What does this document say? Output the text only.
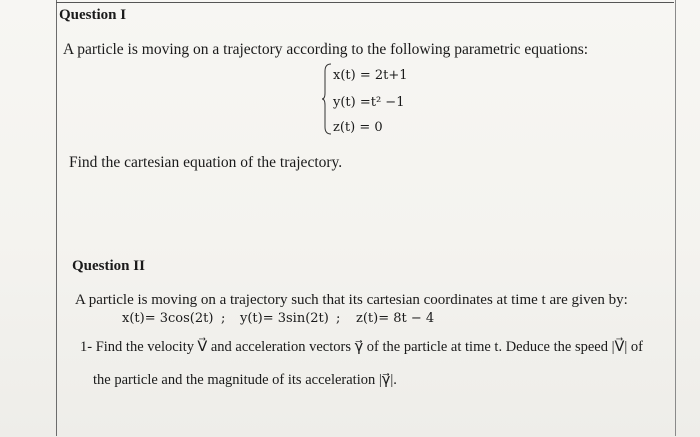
Question I
A particle is moving on a trajectory according to the following parametric equations:
x(t) = 2t+1
y(t) =t² −1
z(t) = 0
Find the cartesian equation of the trajectory.
Question II
A particle is moving on a trajectory such that its cartesian coordinates at time t are given by:
x(t)= 3cos(2t) ; y(t)= 3sin(2t) ; z(t)= 8t − 4
1- Find the velocity V⃗ and acceleration vectors γ⃗ of the particle at time t. Deduce the speed |V⃗| of
the particle and the magnitude of its acceleration |γ⃗|.
